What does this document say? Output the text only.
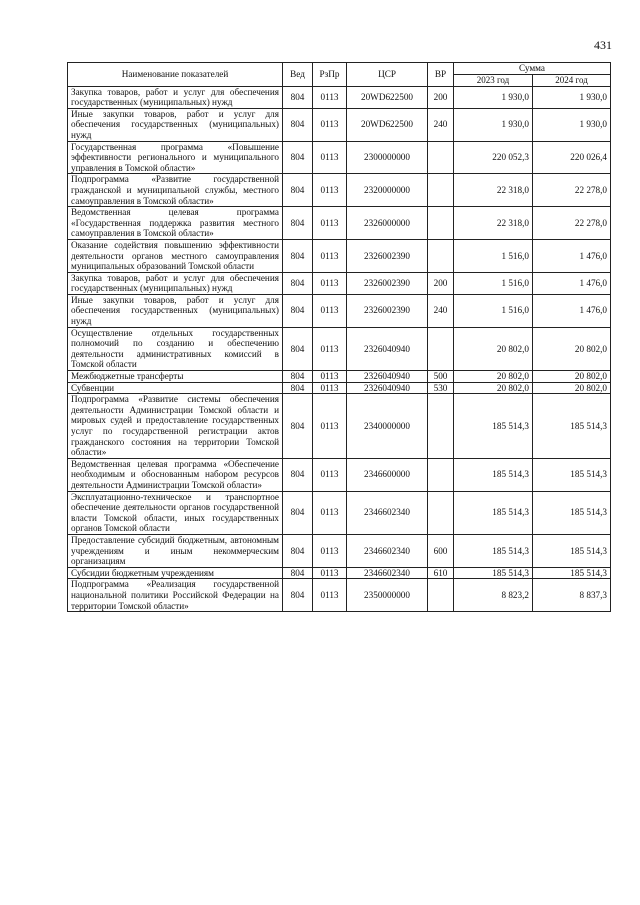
431
Наименование показателей	Вед	РзПр	ЦСР	ВР	Сумма	
					2023 год	2024 год
Закупка товаров, работ и услуг для обеспечения государственных (муниципальных) нужд	804	0113	20WD622500	200	1 930,0	1 930,0
Иные закупки товаров, работ и услуг для обеспечения государственных (муниципальных) нужд	804	0113	20WD622500	240	1 930,0	1 930,0
Государственная программа «Повышение эффективности регионального и муниципального управления в Томской области»	804	0113	2300000000		220 052,3	220 026,4
Подпрограмма «Развитие государственной гражданской и муниципальной службы, местного самоуправления в Томской области»	804	0113	2320000000		22 318,0	22 278,0
Ведомственная целевая программа «Государственная поддержка развития местного самоуправления в Томской области»	804	0113	2326000000		22 318,0	22 278,0
Оказание содействия повышению эффективности деятельности органов местного самоуправления муниципальных образований Томской области	804	0113	2326002390		1 516,0	1 476,0
Закупка товаров, работ и услуг для обеспечения государственных (муниципальных) нужд	804	0113	2326002390	200	1 516,0	1 476,0
Иные закупки товаров, работ и услуг для обеспечения государственных (муниципальных) нужд	804	0113	2326002390	240	1 516,0	1 476,0
Осуществление отдельных государственных полномочий по созданию и обеспечению деятельности административных комиссий в Томской области	804	0113	2326040940		20 802,0	20 802,0
Межбюджетные трансферты	804	0113	2326040940	500	20 802,0	20 802,0
Субвенции	804	0113	2326040940	530	20 802,0	20 802,0
Подпрограмма «Развитие системы обеспечения деятельности Администрации Томской области и мировых судей и предоставление государственных услуг по государственной регистрации актов гражданского состояния на территории Томской области»	804	0113	2340000000		185 514,3	185 514,3
Ведомственная целевая программа «Обеспечение необходимым и обоснованным набором ресурсов деятельности Администрации Томской области»	804	0113	2346600000		185 514,3	185 514,3
Эксплуатационно-техническое и транспортное обеспечение деятельности органов государственной власти Томской области, иных государственных органов Томской области	804	0113	2346602340		185 514,3	185 514,3
Предоставление субсидий бюджетным, автономным учреждениям и иным некоммерческим организациям	804	0113	2346602340	600	185 514,3	185 514,3
Субсидии бюджетным учреждениям	804	0113	2346602340	610	185 514,3	185 514,3
Подпрограмма «Реализация государственной национальной политики Российской Федерации на территории Томской области»	804	0113	2350000000		8 823,2	8 837,3
